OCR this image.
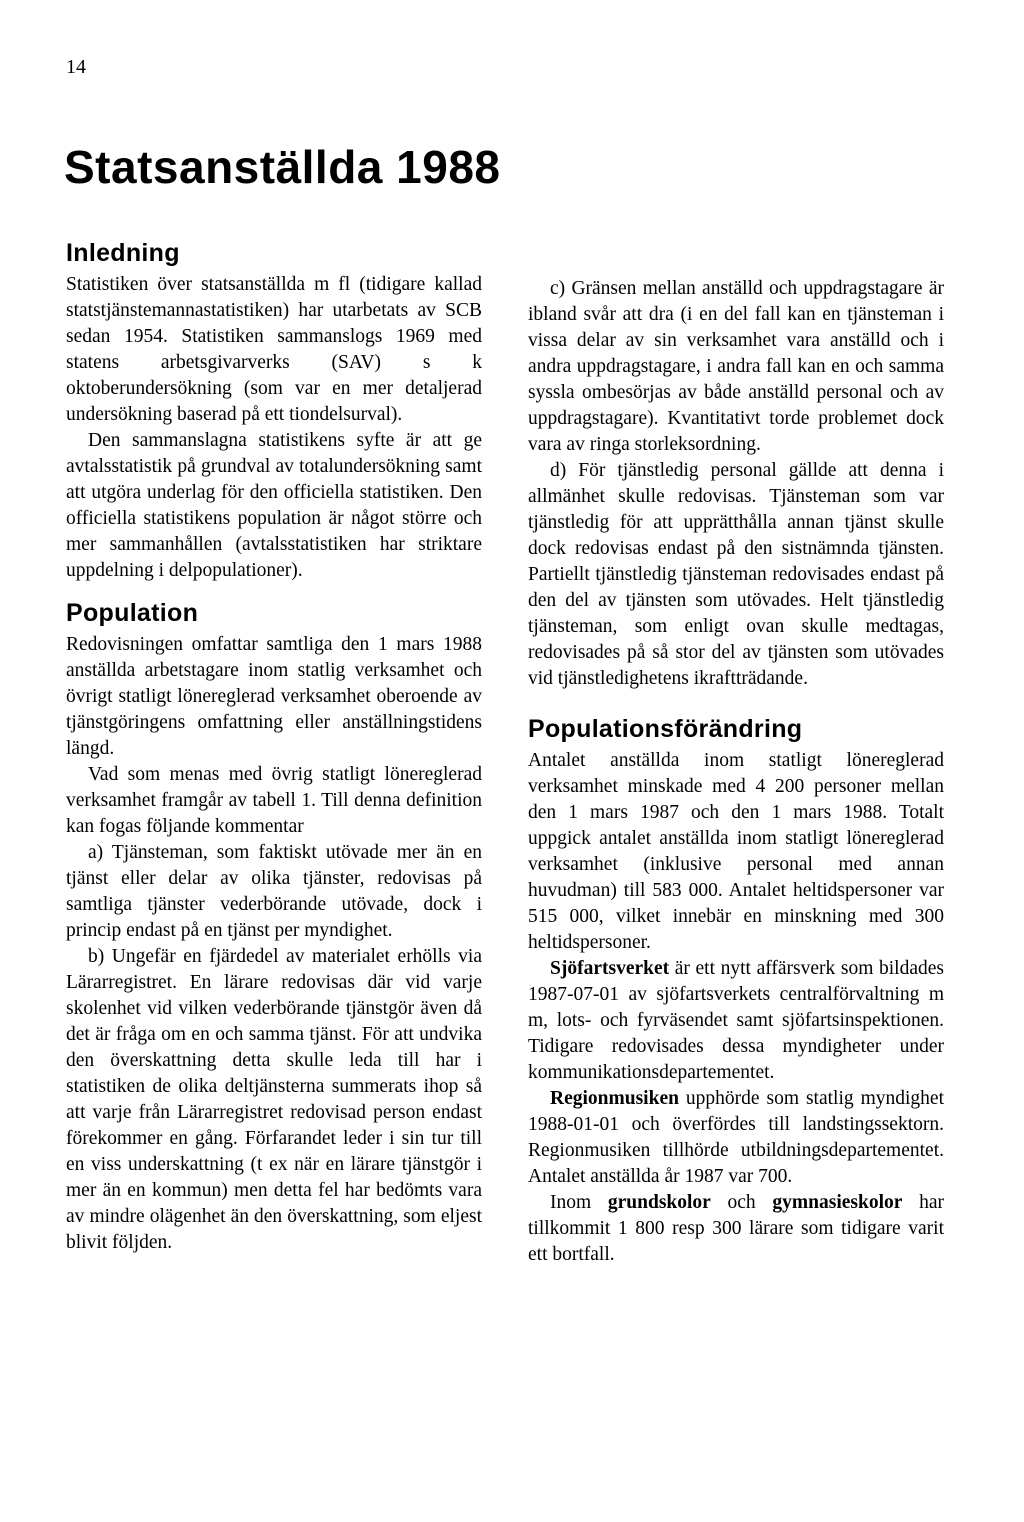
14
Statsanställda 1988
Inledning

Statistiken över statsanställda m fl (tidigare kallad statstjänstemannastatistiken) har utarbetats av SCB sedan 1954. Statistiken sammanslogs 1969 med statens arbetsgivarverks (SAV) s k oktoberundersökning (som var en mer detaljerad undersökning baserad på ett tiondelsurval).

Den sammanslagna statistikens syfte är att ge avtalsstatistik på grundval av totalundersökning samt att utgöra underlag för den officiella statistiken. Den officiella statistikens population är något större och mer sammanhållen (avtalsstatistiken har striktare uppdelning i delpopulationer).

Population

Redovisningen omfattar samtliga den 1 mars 1988 anställda arbetstagare inom statlig verksamhet och övrigt statligt lönereglerad verksamhet oberoende av tjänstgöringens omfattning eller anställningstidens längd.

Vad som menas med övrig statligt lönereglerad verksamhet framgår av tabell 1. Till denna definition kan fogas följande kommentar

a) Tjänsteman, som faktiskt utövade mer än en tjänst eller delar av olika tjänster, redovisas på samtliga tjänster vederbörande utövade, dock i princip endast på en tjänst per myndighet.

b) Ungefär en fjärdedel av materialet erhölls via Lärarregistret. En lärare redovisas där vid varje skolenhet vid vilken vederbörande tjänstgör även då det är fråga om en och samma tjänst. För att undvika den överskattning detta skulle leda till har i statistiken de olika deltjänsterna summerats ihop så att varje från Lärarregistret redovisad person endast förekommer en gång. Förfarandet leder i sin tur till en viss underskattning (t ex när en lärare tjänstgör i mer än en kommun) men detta fel har bedömts vara av mindre olägenhet än den överskattning, som eljest blivit följden.

c) Gränsen mellan anställd och uppdragstagare är ibland svår att dra (i en del fall kan en tjänsteman i vissa delar av sin verksamhet vara anställd och i andra uppdragstagare, i andra fall kan en och samma syssla ombesörjas av både anställd personal och av uppdragstagare). Kvantitativt torde problemet dock vara av ringa storleksordning.

d) För tjänstledig personal gällde att denna i allmänhet skulle redovisas. Tjänsteman som var tjänstledig för att upprätthålla annan tjänst skulle dock redovisas endast på den sistnämnda tjänsten. Partiellt tjänstledig tjänsteman redovisades endast på den del av tjänsten som utövades. Helt tjänstledig tjänsteman, som enligt ovan skulle medtagas, redovisades på så stor del av tjänsten som utövades vid tjänstledighetens ikraftträdande.

Populationsförändring

Antalet anställda inom statligt lönereglerad verksamhet minskade med 4 200 personer mellan den 1 mars 1987 och den 1 mars 1988. Totalt uppgick antalet anställda inom statligt lönereglerad verksamhet (inklusive personal med annan huvudman) till 583 000. Antalet heltidspersoner var 515 000, vilket innebär en minskning med 300 heltidspersoner.

Sjöfartsverket är ett nytt affärsverk som bildades 1987-07-01 av sjöfartsverkets centralförvaltning m m, lots- och fyrväsendet samt sjöfartsinspektionen. Tidigare redovisades dessa myndigheter under kommunikationsdepartementet.

Regionmusiken upphörde som statlig myndighet 1988-01-01 och överfördes till landstingssektorn. Regionmusiken tillhörde utbildningsdepartementet. Antalet anställda år 1987 var 700.

Inom grundskolor och gymnasieskolor har tillkommit 1 800 resp 300 lärare som tidigare varit ett bortfall.
